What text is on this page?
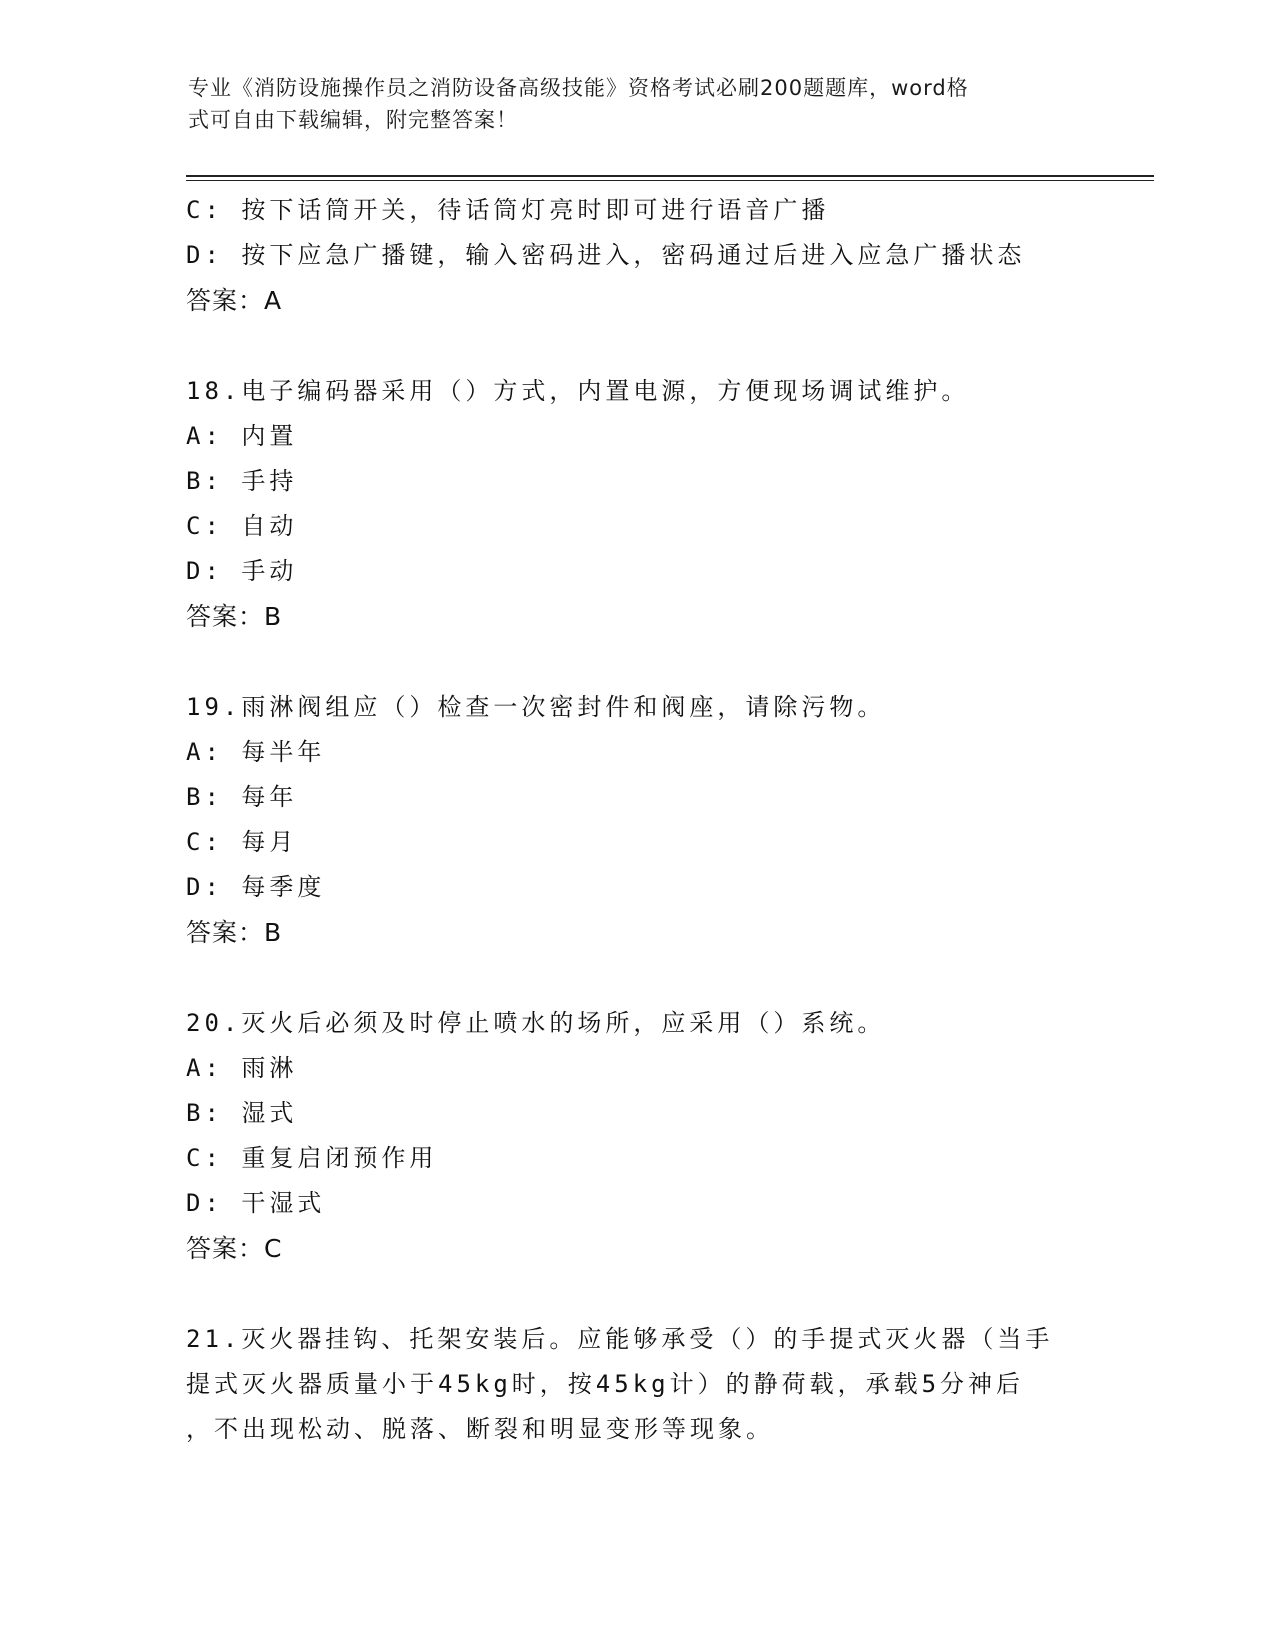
专业《消防设施操作员之消防设备高级技能》资格考试必刷200题题库，word格
式可自由下载编辑，附完整答案！
C: 按下话筒开关，待话筒灯亮时即可进行语音广播
D: 按下应急广播键，输入密码进入，密码通过后进入应急广播状态
答案：A
18.电子编码器采用（）方式，内置电源，方便现场调试维护。
A: 内置
B: 手持
C: 自动
D: 手动
答案：B
19.雨淋阀组应（）检查一次密封件和阀座，请除污物。
A: 每半年
B: 每年
C: 每月
D: 每季度
答案：B
20.灭火后必须及时停止喷水的场所，应采用（）系统。
A: 雨淋
B: 湿式
C: 重复启闭预作用
D: 干湿式
答案：C
21.灭火器挂钩、托架安装后。应能够承受（）的手提式灭火器（当手
提式灭火器质量小于45kg时，按45kg计）的静荷载，承载5分神后
，不出现松动、脱落、断裂和明显变形等现象。
